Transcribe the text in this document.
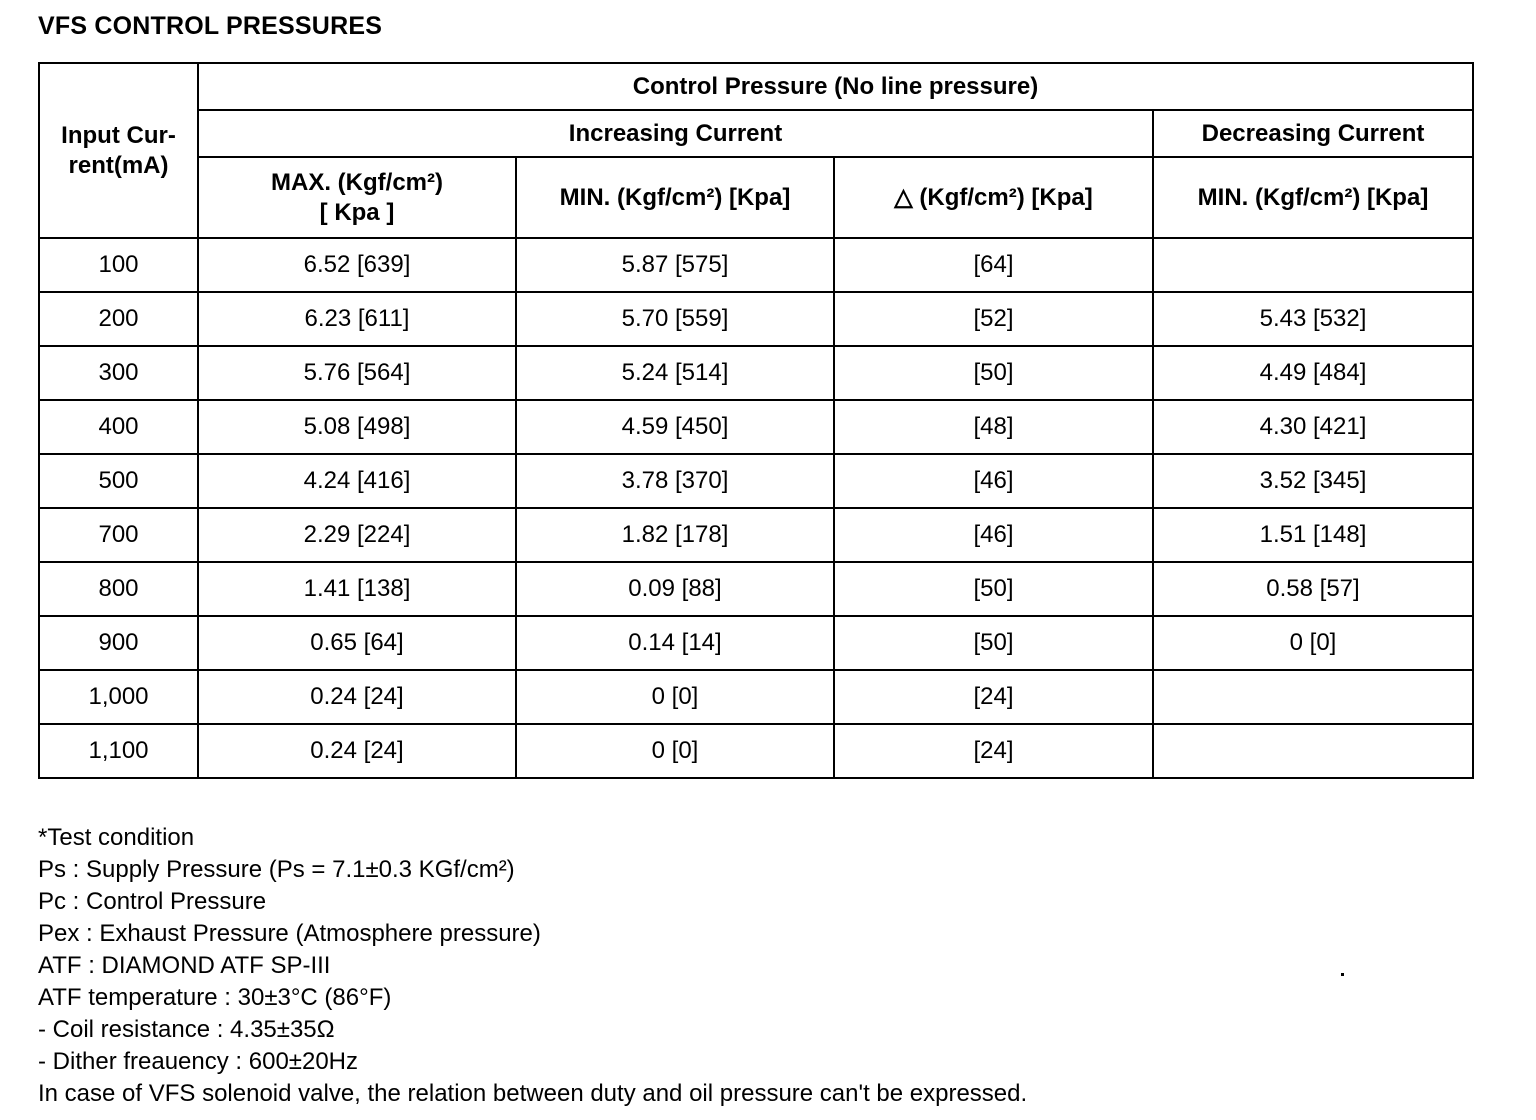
VFS CONTROL PRESSURES
Input Cur-
rent(mA)	Control Pressure (No line pressure)			
	Increasing Current			Decreasing Current

	MAX. (Kgf/cm²)
[ Kpa ]	MIN. (Kgf/cm²) [Kpa]	△ (Kgf/cm²) [Kpa]	MIN. (Kgf/cm²) [Kpa]
100	6.52 [639]	5.87 [575]	[64]	
200	6.23 [611]	5.70 [559]	[52]	5.43 [532]
300	5.76 [564]	5.24 [514]	[50]	4.49 [484]
400	5.08 [498]	4.59 [450]	[48]	4.30 [421]
500	4.24 [416]	3.78 [370]	[46]	3.52 [345]
700	2.29 [224]	1.82 [178]	[46]	1.51 [148]
800	1.41 [138]	0.09 [88]	[50]	0.58 [57]
900	0.65 [64]	0.14 [14]	[50]	0 [0]
1,000	0.24 [24]	0 [0]	[24]	
1,100	0.24 [24]	0 [0]	[24]	
*Test condition
Ps : Supply Pressure (Ps = 7.1±0.3 KGf/cm²)
Pc : Control Pressure
Pex : Exhaust Pressure (Atmosphere pressure)
ATF : DIAMOND ATF SP-III
ATF temperature : 30±3°C (86°F)
- Coil resistance : 4.35±35Ω
- Dither freauency : 600±20Hz
In case of VFS solenoid valve, the relation between duty and oil pressure can't be expressed.
